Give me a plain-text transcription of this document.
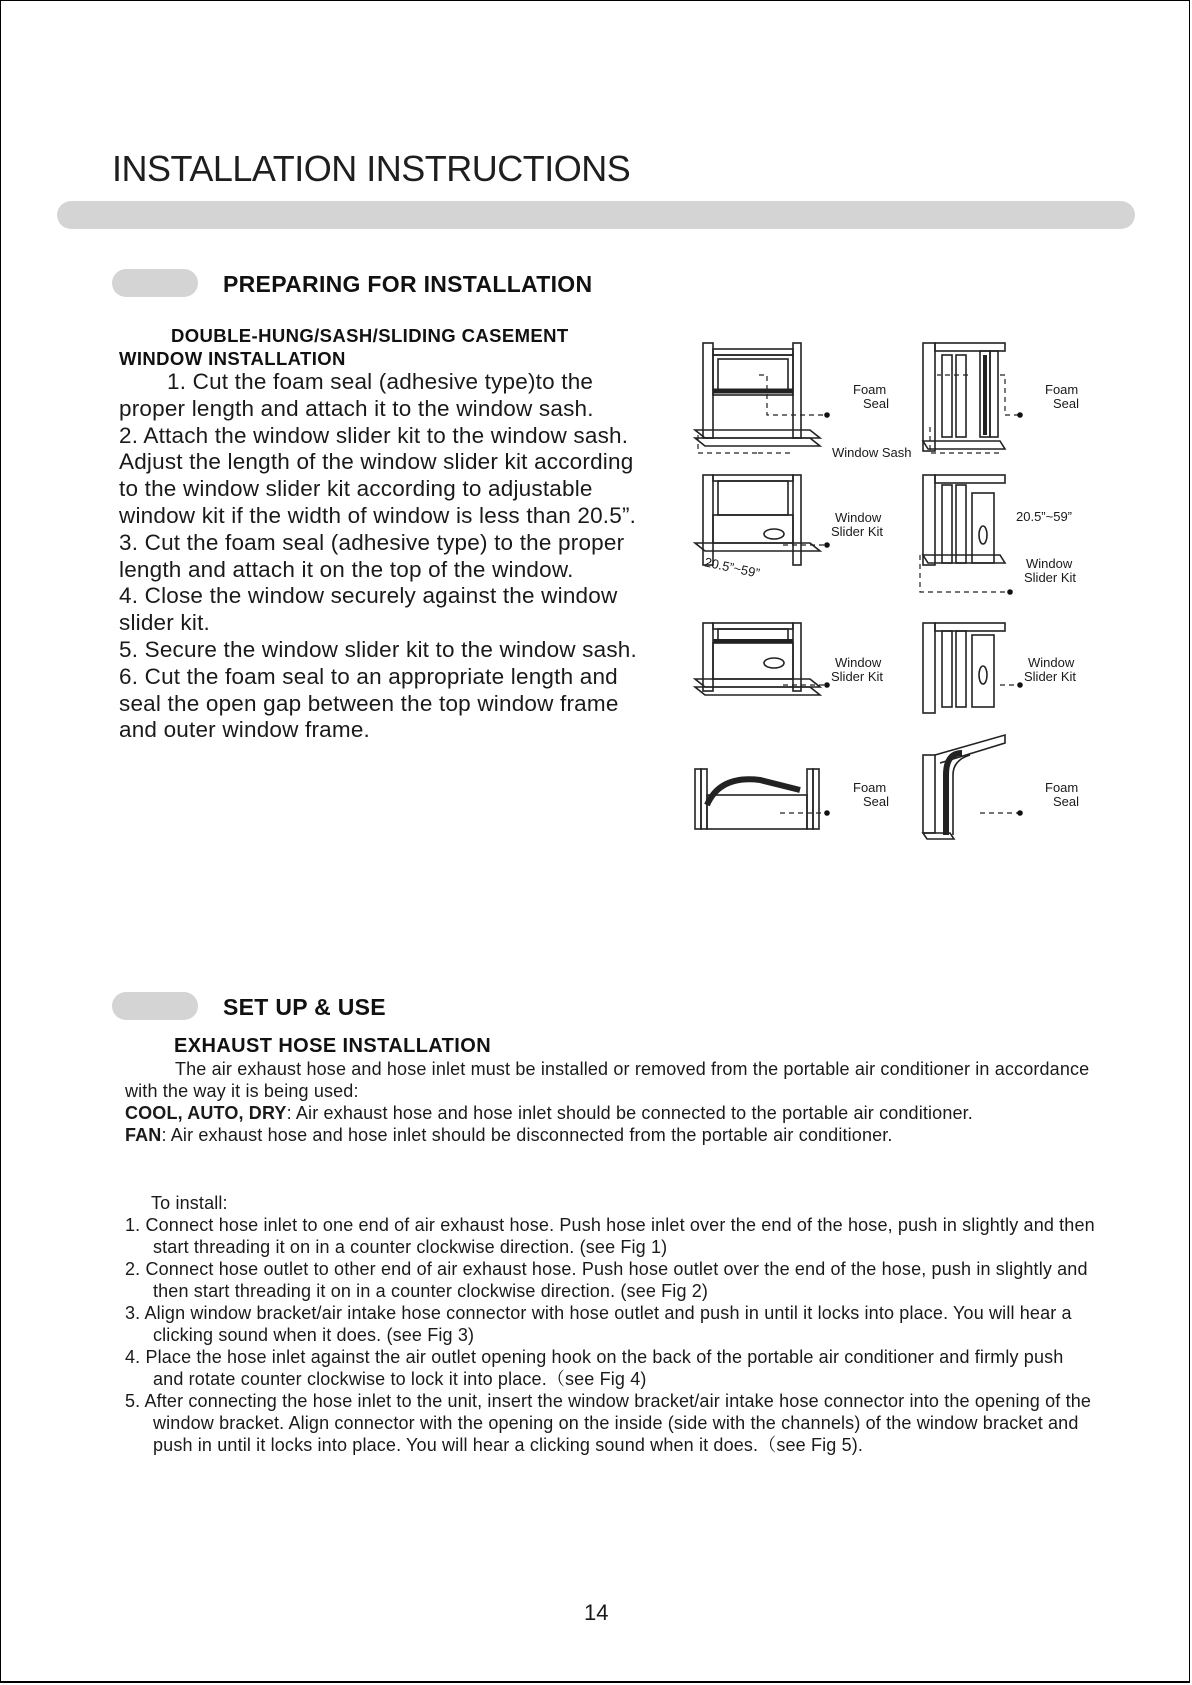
INSTALLATION INSTRUCTIONS
PREPARING FOR INSTALLATION
DOUBLE-HUNG/SASH/SLIDING CASEMENT
WINDOW INSTALLATION

1. Cut the foam seal (adhesive type)to the proper length and attach it to the window sash.

2. Attach the window slider kit to the window sash. Adjust the length of the window slider kit according to the window slider kit according to adjustable window kit if the width of window is less than 20.5”.

3. Cut the foam seal (adhesive type) to the proper length and attach it on the top of the window.

4. Close the window securely against the window slider kit.

5. Secure the window slider kit to the window sash.

6. Cut the foam seal to an appropriate length and seal the open gap between the top window frame and outer window frame.

Foam
Seal
Foam
Seal
Window Sash
Window
Slider Kit
20.5”~59”
Window
Slider Kit
20.5”~59”
Window
Slider Kit
Window
Slider Kit
Foam
Seal
Foam
Seal
SET UP & USE
EXHAUST HOSE INSTALLATION

The air exhaust hose and hose inlet must be installed or removed from the portable air conditioner in accordance with the way it is being used:

COOL, AUTO, DRY: Air exhaust hose and hose inlet should be connected to the portable air conditioner.

FAN: Air exhaust hose and hose inlet should be disconnected from the portable air conditioner.

To install:

1. Connect hose inlet to one end of air exhaust hose. Push hose inlet over the end of the hose, push in slightly and then start threading it on in a counter clockwise direction. (see Fig 1)

2. Connect hose outlet to other end of air exhaust hose. Push hose outlet over the end of the hose, push in slightly and then start threading it on in a counter clockwise direction. (see Fig 2)

3. Align window bracket/air intake hose connector with hose outlet and push in until it locks into place. You will hear a clicking sound when it does. (see Fig 3)

4. Place the hose inlet against the air outlet opening hook on the back of the portable air conditioner and firmly push and rotate counter clockwise to lock it into place.（see Fig 4)

5. After connecting the hose inlet to the unit, insert the window bracket/air intake hose connector into the opening of the window bracket. Align connector with the opening on the inside (side with the channels) of the window bracket and push in until it locks into place. You will hear a clicking sound when it does.（see Fig 5).

14
